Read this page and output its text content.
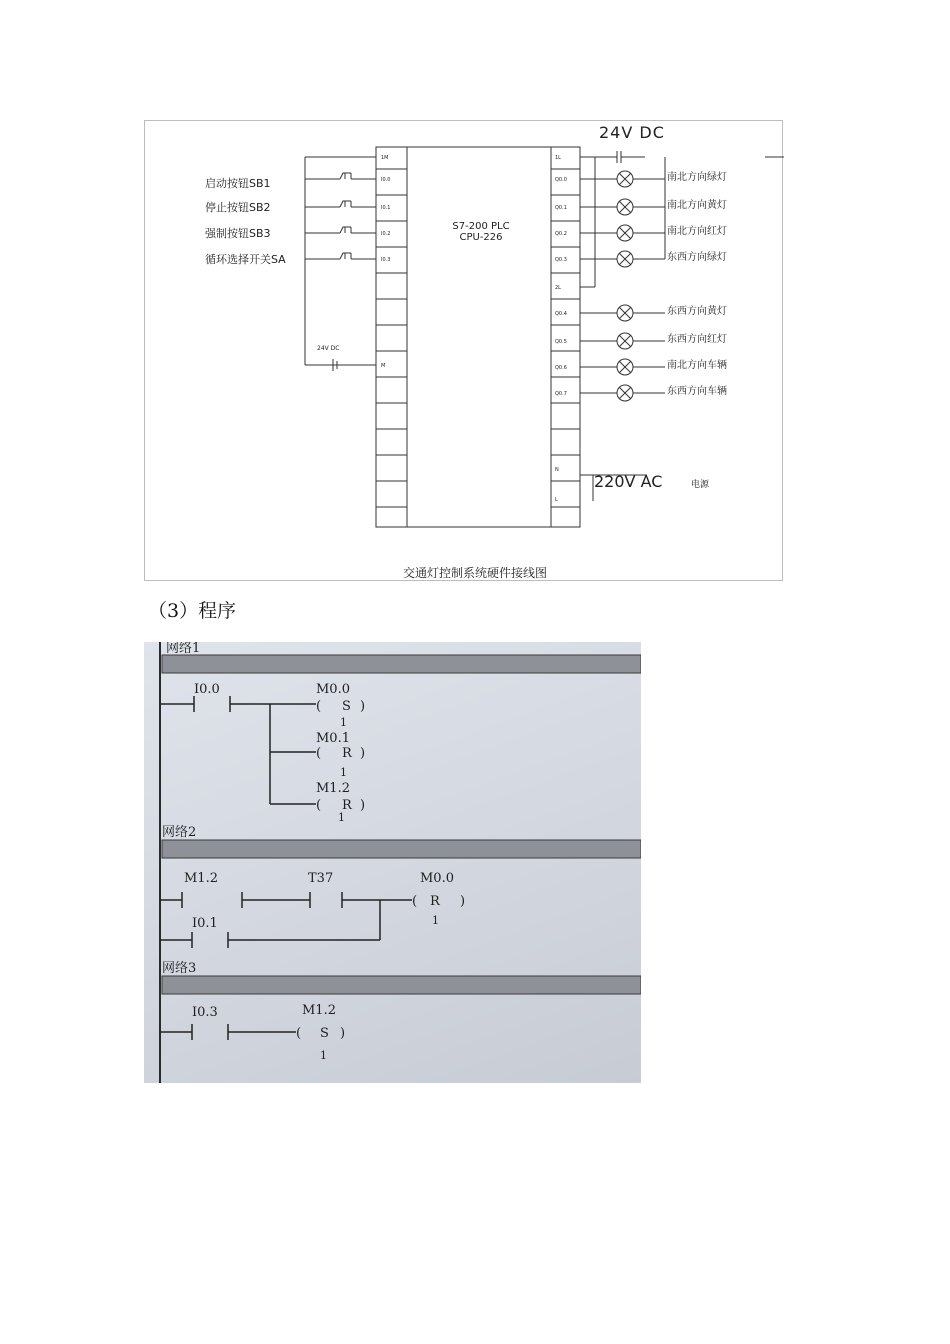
24V DC
S7-200 PLC
CPU-226
24V DC
220V AC	电源
启动按钮SB1
停止按钮SB2
强制按钮SB3
循环选择开关SA
南北方向绿灯
南北方向黄灯
南北方向红灯
东西方向绿灯
东西方向黄灯
东西方向红灯
南北方向车辆
东西方向车辆
1M
I0.0
I0.1
I0.2
I0.3
M
1L
Q0.0
Q0.1
Q0.2
Q0.3
2L
Q0.4
Q0.5
Q0.6
Q0.7
N
L
交通灯控制系统硬件接线图
（3）程序
网络1
网络2
网络3
I0.0	M0.0
( S )
1
M0.1
( R )
1
M1.2
( R )
1
M1.2	T37
I0.1
M0.0
( R )
1
I0.3	M1.2
( S )
1
